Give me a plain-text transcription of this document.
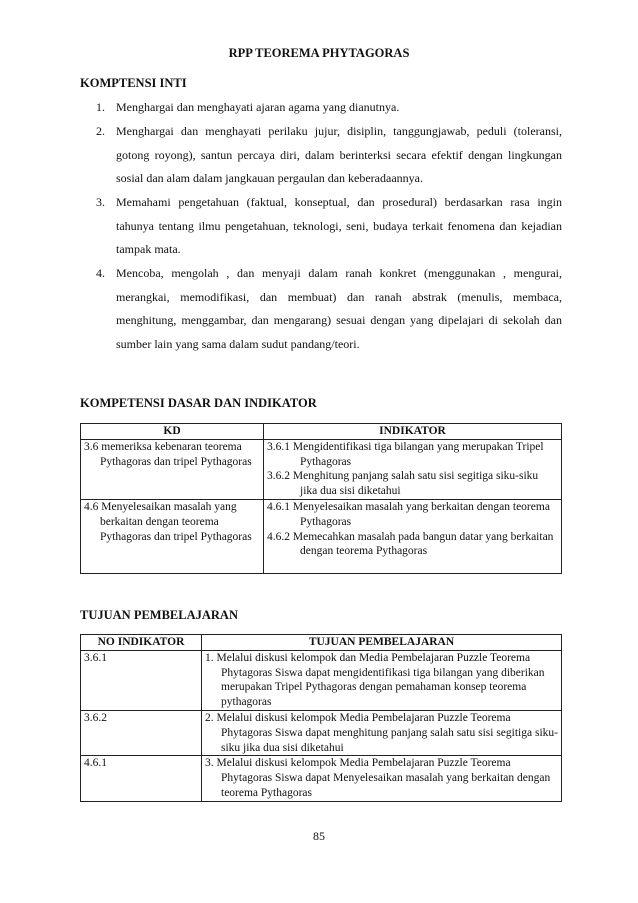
RPP TEOREMA PHYTAGORAS
KOMPTENSI INTI
1. Menghargai dan menghayati ajaran agama yang dianutnya.
2. Menghargai dan menghayati perilaku jujur, disiplin, tanggungjawab, peduli (toleransi, gotong royong), santun percaya diri, dalam berinterksi secara efektif dengan lingkungan sosial dan alam dalam jangkauan pergaulan dan keberadaannya.
3. Memahami pengetahuan (faktual, konseptual, dan prosedural) berdasarkan rasa ingin tahunya tentang ilmu pengetahuan, teknologi, seni, budaya terkait fenomena dan kejadian tampak mata.
4. Mencoba, mengolah , dan menyaji dalam ranah konkret (menggunakan , mengurai, merangkai, memodifikasi, dan membuat) dan ranah abstrak (menulis, membaca, menghitung, menggambar, dan mengarang) sesuai dengan yang dipelajari di sekolah dan sumber lain yang sama dalam sudut pandang/teori.
KOMPETENSI DASAR DAN INDIKATOR
KD	INDIKATOR

3.6 memeriksa kebenaran teorema Pythagoras dan tripel Pythagoras	3.6.1 Mengidentifikasi tiga bilangan yang merupakan Tripel Pythagoras
3.6.2 Menghitung panjang salah satu sisi segitiga siku-siku jika dua sisi diketahui

4.6 Menyelesaikan masalah yang berkaitan dengan teorema Pythagoras dan tripel Pythagoras	4.6.1 Menyelesaikan masalah yang berkaitan dengan teorema Pythagoras
4.6.2 Memecahkan masalah pada bangun datar yang berkaitan dengan teorema Pythagoras
TUJUAN PEMBELAJARAN
NO INDIKATOR	TUJUAN PEMBELAJARAN
3.6.1	1. Melalui diskusi kelompok dan Media Pembelajaran Puzzle Teorema Phytagoras Siswa dapat mengidentifikasi tiga bilangan yang diberikan merupakan Tripel Pythagoras dengan pemahaman konsep teorema pythagoras

3.6.2	2. Melalui diskusi kelompok Media Pembelajaran Puzzle Teorema Phytagoras Siswa dapat menghitung panjang salah satu sisi segitiga siku-siku jika dua sisi diketahui

4.6.1	3. Melalui diskusi kelompok Media Pembelajaran Puzzle Teorema Phytagoras Siswa dapat Menyelesaikan masalah yang berkaitan dengan teorema Pythagoras
85
